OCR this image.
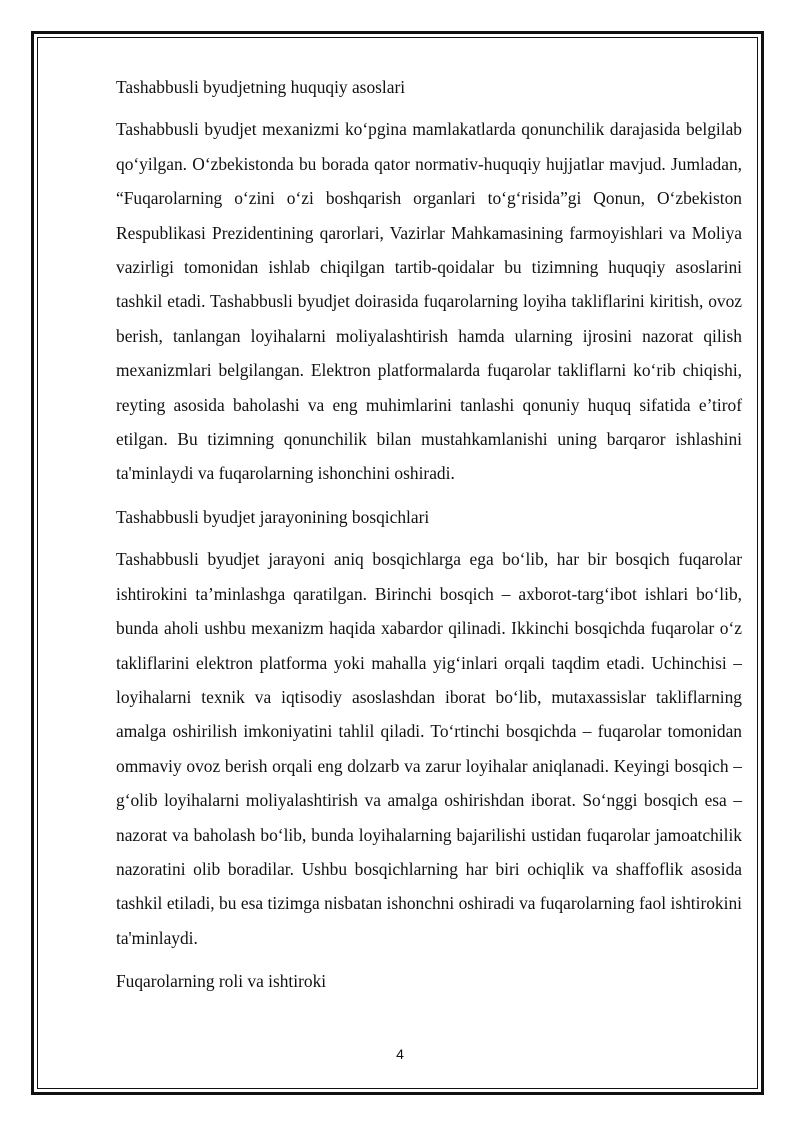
Tashabbusli byudjetning huquqiy asoslari

Tashabbusli byudjet mexanizmi ko‘pgina mamlakatlarda qonunchilik darajasida belgilab qo‘yilgan. O‘zbekistonda bu borada qator normativ-huquqiy hujjatlar mavjud. Jumladan, “Fuqarolarning o‘zini o‘zi boshqarish organlari to‘g‘risida”gi Qonun, O‘zbekiston Respublikasi Prezidentining qarorlari, Vazirlar Mahkamasining farmoyishlari va Moliya vazirligi tomonidan ishlab chiqilgan tartib-qoidalar bu tizimning huquqiy asoslarini tashkil etadi. Tashabbusli byudjet doirasida fuqarolarning loyiha takliflarini kiritish, ovoz berish, tanlangan loyihalarni moliyalashtirish hamda ularning ijrosini nazorat qilish mexanizmlari belgilangan. Elektron platformalarda fuqarolar takliflarni ko‘rib chiqishi, reyting asosida baholashi va eng muhimlarini tanlashi qonuniy huquq sifatida e’tirof etilgan. Bu tizimning qonunchilik bilan mustahkamlanishi uning barqaror ishlashini ta'minlaydi va fuqarolarning ishonchini oshiradi.

Tashabbusli byudjet jarayonining bosqichlari

Tashabbusli byudjet jarayoni aniq bosqichlarga ega bo‘lib, har bir bosqich fuqarolar ishtirokini ta’minlashga qaratilgan. Birinchi bosqich – axborot-targ‘ibot ishlari bo‘lib, bunda aholi ushbu mexanizm haqida xabardor qilinadi. Ikkinchi bosqichda fuqarolar o‘z takliflarini elektron platforma yoki mahalla yig‘inlari orqali taqdim etadi. Uchinchisi – loyihalarni texnik va iqtisodiy asoslashdan iborat bo‘lib, mutaxassislar takliflarning amalga oshirilish imkoniyatini tahlil qiladi. To‘rtinchi bosqichda – fuqarolar tomonidan ommaviy ovoz berish orqali eng dolzarb va zarur loyihalar aniqlanadi. Keyingi bosqich – g‘olib loyihalarni moliyalashtirish va amalga oshirishdan iborat. So‘nggi bosqich esa – nazorat va baholash bo‘lib, bunda loyihalarning bajarilishi ustidan fuqarolar jamoatchilik nazoratini olib boradilar. Ushbu bosqichlarning har biri ochiqlik va shaffoflik asosida tashkil etiladi, bu esa tizimga nisbatan ishonchni oshiradi va fuqarolarning faol ishtirokini ta'minlaydi.

Fuqarolarning roli va ishtiroki
4
